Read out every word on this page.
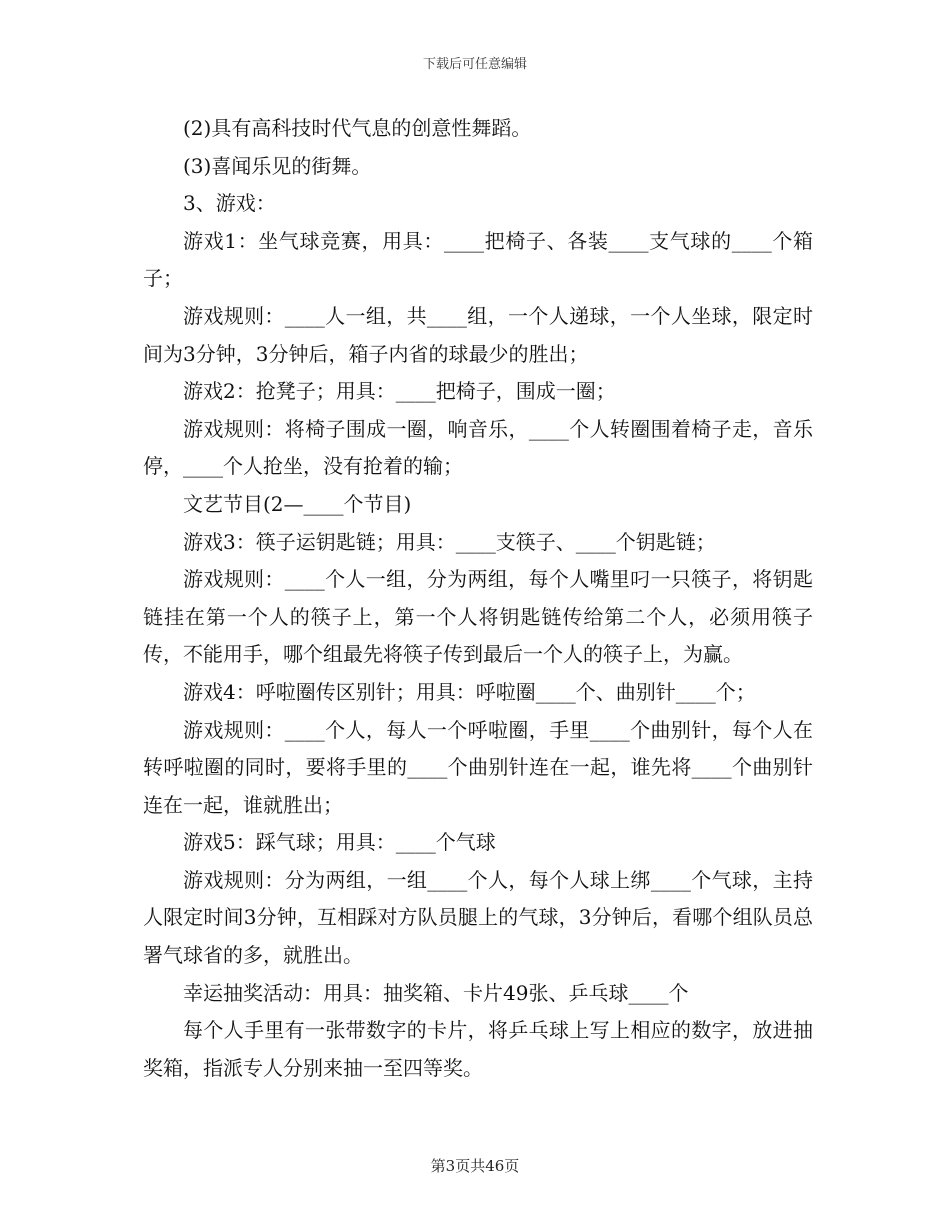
下载后可任意编辑

(2)具有高科技时代气息的创意性舞蹈。

(3)喜闻乐见的街舞。

3、游戏：

游戏1：坐气球竞赛，用具：____把椅子、各装____支气球的____个箱子；

游戏规则：____人一组，共____组，一个人递球，一个人坐球，限定时间为3分钟，3分钟后，箱子内省的球最少的胜出；

游戏2：抢凳子；用具：____把椅子，围成一圈；

游戏规则：将椅子围成一圈，响音乐，____个人转圈围着椅子走，音乐停，____个人抢坐，没有抢着的输；

文艺节目(2—____个节目)

游戏3：筷子运钥匙链；用具：____支筷子、____个钥匙链；

游戏规则：____个人一组，分为两组，每个人嘴里叼一只筷子，将钥匙链挂在第一个人的筷子上，第一个人将钥匙链传给第二个人，必须用筷子传，不能用手，哪个组最先将筷子传到最后一个人的筷子上，为赢。

游戏4：呼啦圈传区别针；用具：呼啦圈____个、曲别针____个；

游戏规则：____个人，每人一个呼啦圈，手里____个曲别针，每个人在转呼啦圈的同时，要将手里的____个曲别针连在一起，谁先将____个曲别针连在一起，谁就胜出；

游戏5：踩气球；用具：____个气球

游戏规则：分为两组，一组____个人，每个人球上绑____个气球，主持人限定时间3分钟，互相踩对方队员腿上的气球，3分钟后，看哪个组队员总署气球省的多，就胜出。

幸运抽奖活动：用具：抽奖箱、卡片49张、乒乓球____个

每个人手里有一张带数字的卡片，将乒乓球上写上相应的数字，放进抽奖箱，指派专人分别来抽一至四等奖。

第3页共46页
